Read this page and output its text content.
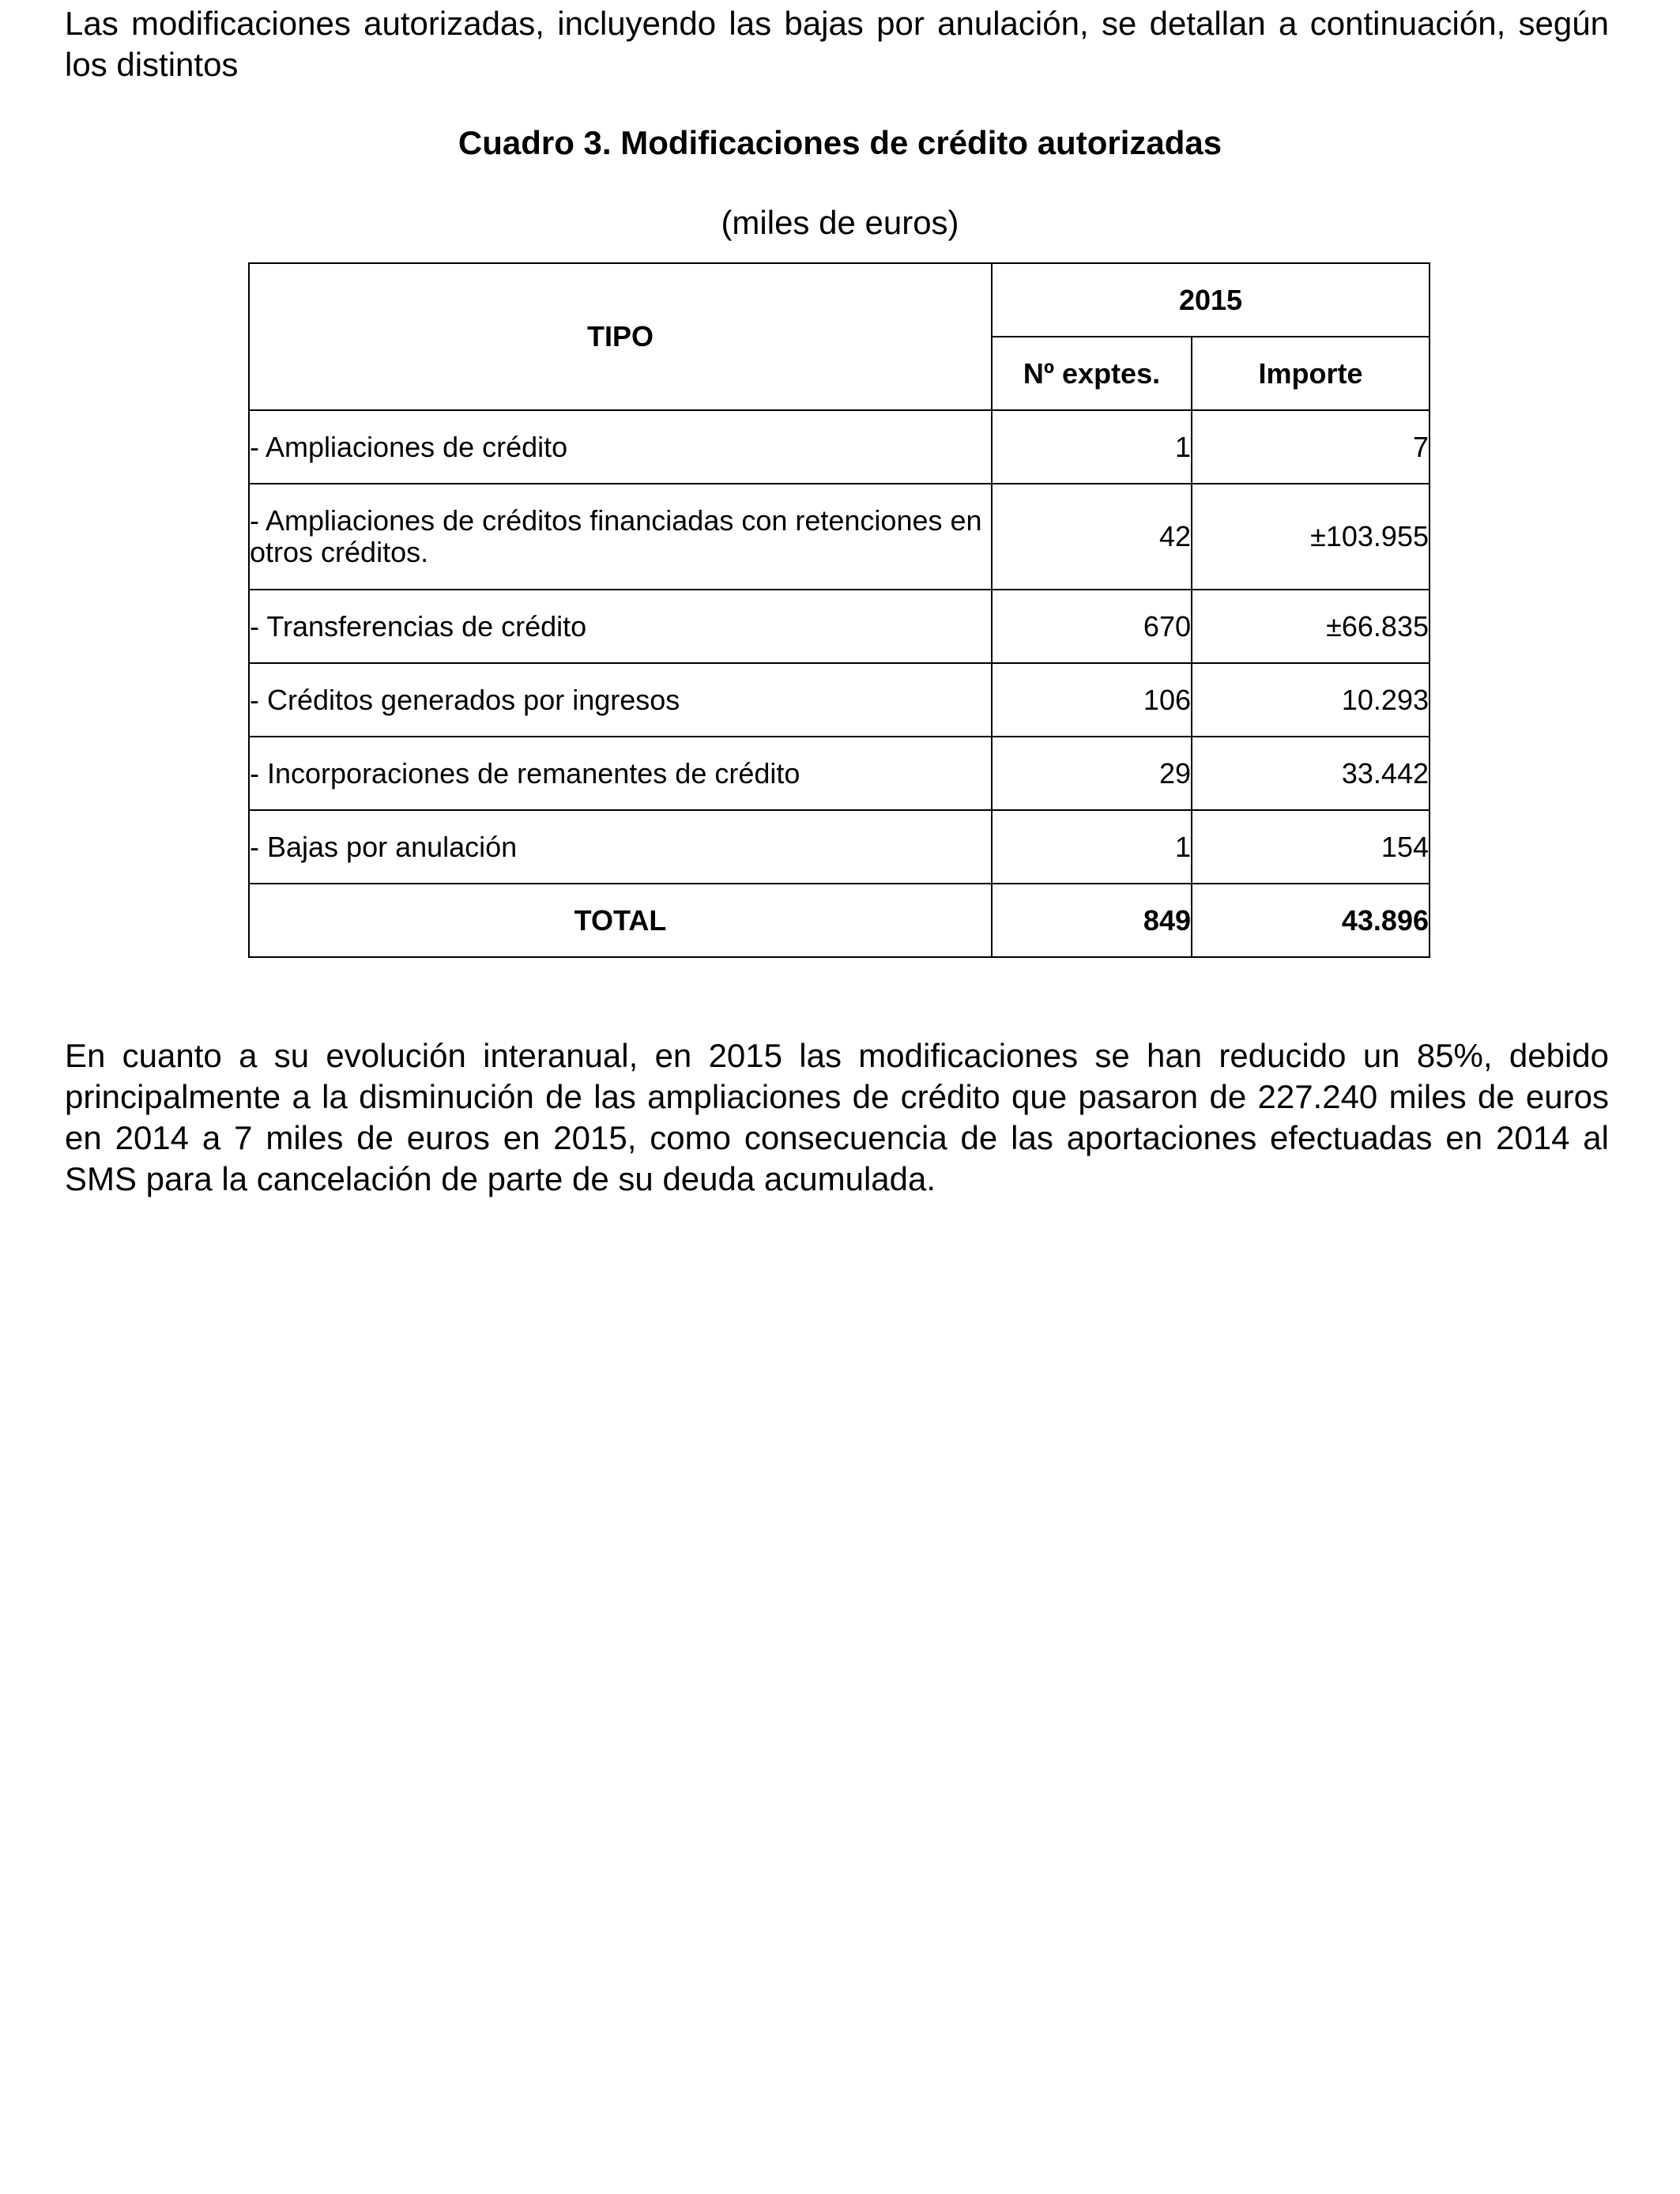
Las modificaciones autorizadas, incluyendo las bajas por anulación, se detallan a continuación, según los distintos

Cuadro 3. Modificaciones de crédito autorizadas

(miles de euros)

TIPO	2015	
	Nº exptes.	Importe
- Ampliaciones de crédito	1	7
- Ampliaciones de créditos financiadas con retenciones en otros créditos.	42	±103.955
- Transferencias de crédito	670	±66.835
- Créditos generados por ingresos	106	10.293
- Incorporaciones de remanentes de crédito	29	33.442
- Bajas por anulación	1	154
TOTAL	849	43.896

En cuanto a su evolución interanual, en 2015 las modificaciones se han reducido un 85%, debido principalmente a la disminución de las ampliaciones de crédito que pasaron de 227.240 miles de euros en 2014 a 7 miles de euros en 2015, como consecuencia de las aportaciones efectuadas en 2014 al SMS para la cancelación de parte de su deuda acumulada.
